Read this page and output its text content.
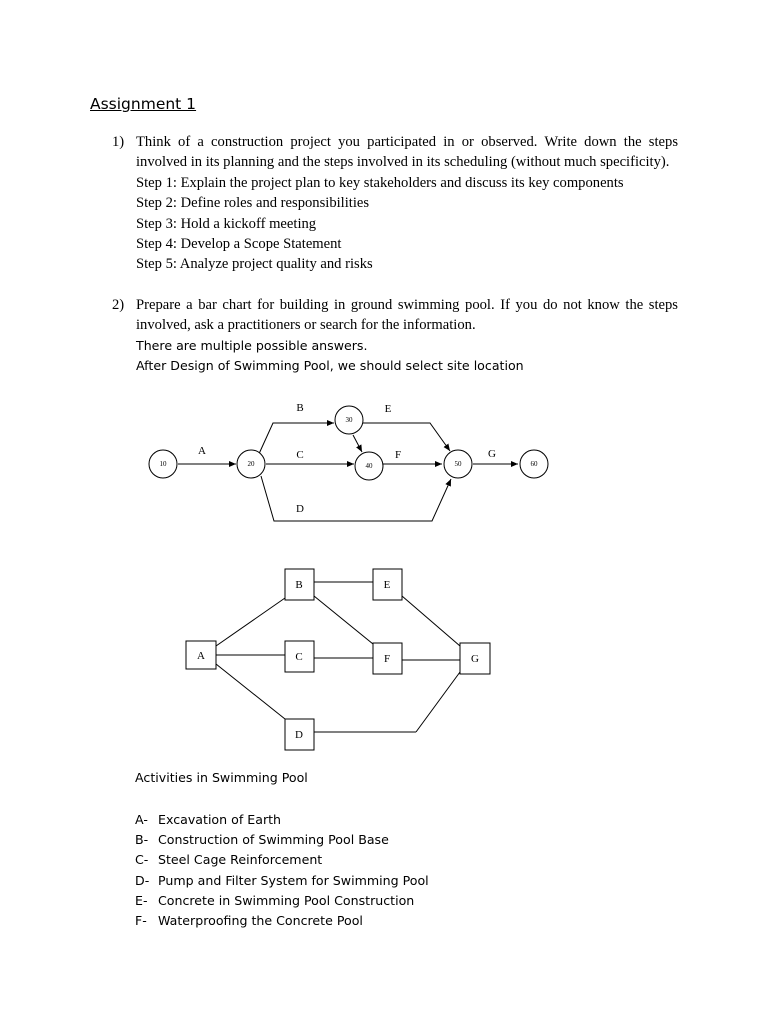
Assignment 1
1) Think of a construction project you participated in or observed. Write down the steps involved in its planning and the steps involved in its scheduling (without much specificity).
Step 1: Explain the project plan to key stakeholders and discuss its key components
Step 2: Define roles and responsibilities
Step 3: Hold a kickoff meeting
Step 4: Develop a Scope Statement
Step 5: Analyze project quality and risks
2) Prepare a bar chart for building in ground swimming pool. If you do not know the steps involved, ask a practitioners or search for the information.
There are multiple possible answers.
After Design of Swimming Pool, we should select site location
10	20
30
40	50	60
A
B
C
D
E
F	G
A
B
C
D
E
F	G
Activities in Swimming Pool
A- Excavation of Earth
B- Construction of Swimming Pool Base
C- Steel Cage Reinforcement
D- Pump and Filter System for Swimming Pool
E- Concrete in Swimming Pool Construction
F- Waterproofing the Concrete Pool
